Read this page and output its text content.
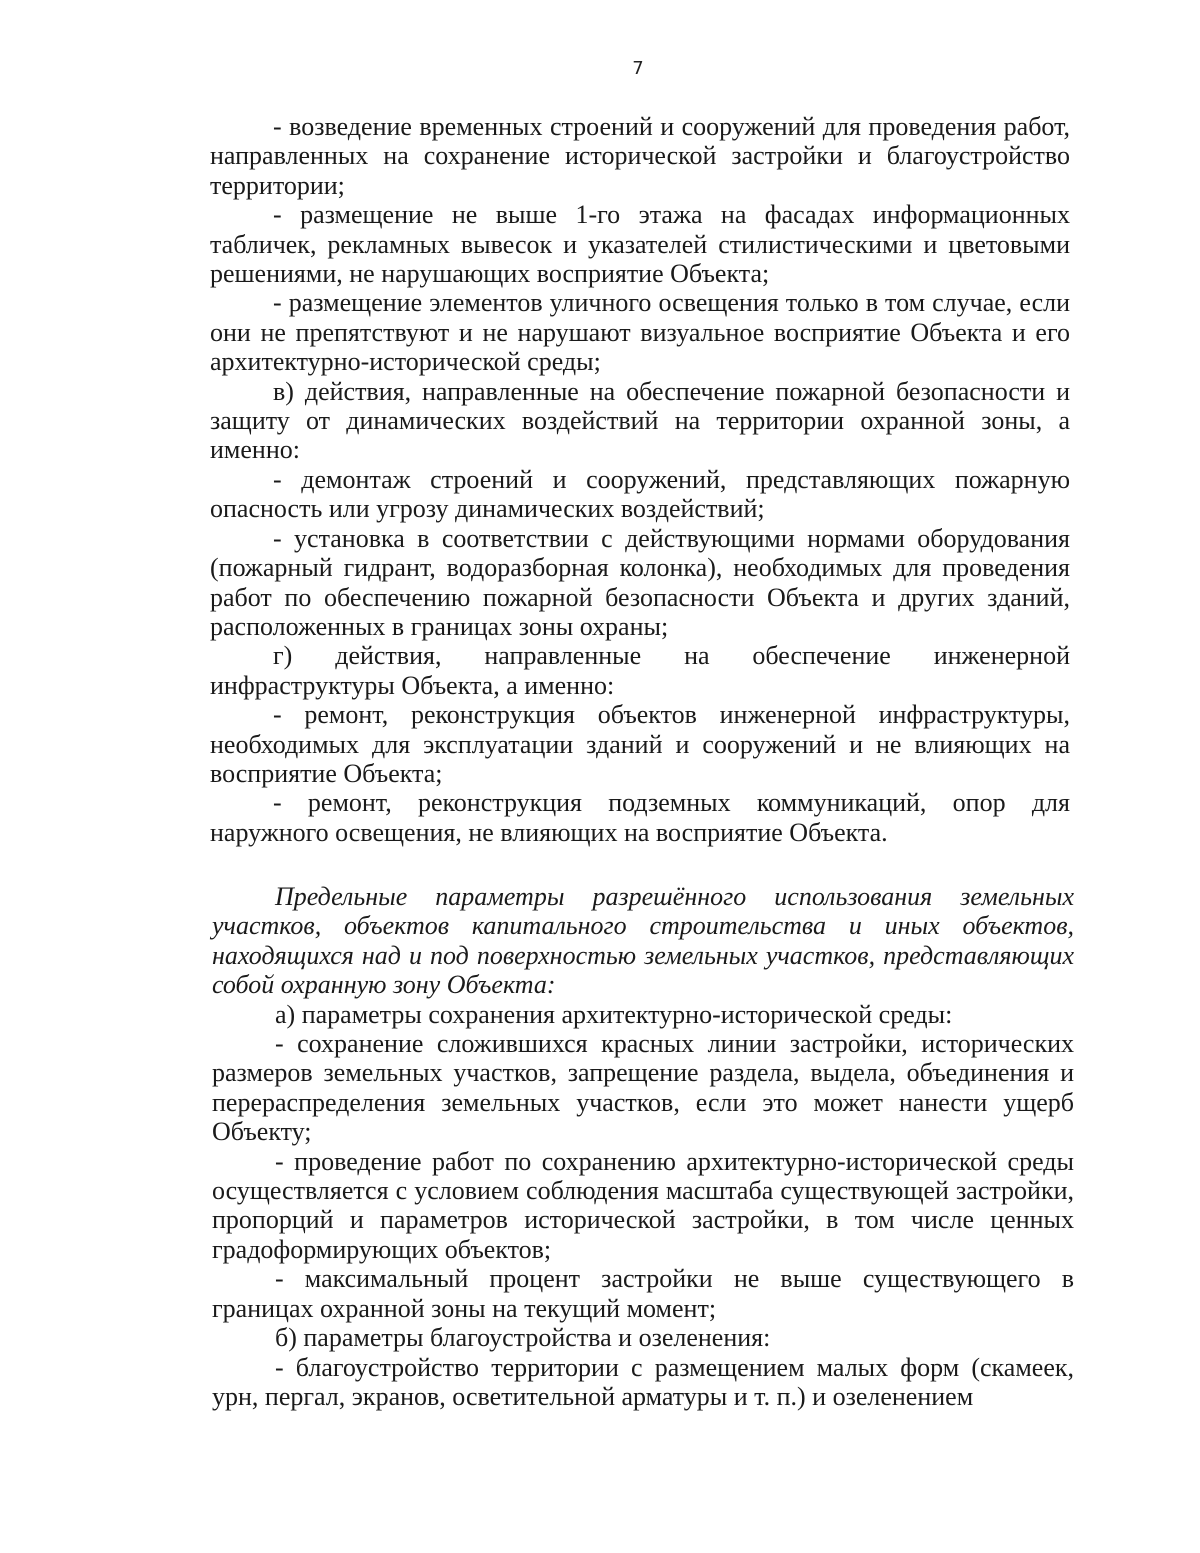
7

- возведение временных строений и сооружений для проведения работ, направленных на сохранение исторической застройки и благоустройство территории;

- размещение не выше 1-го этажа на фасадах информационных табличек, рекламных вывесок и указателей стилистическими и цветовыми решениями, не нарушающих восприятие Объекта;

- размещение элементов уличного освещения только в том случае, если они не препятствуют и не нарушают визуальное восприятие Объекта и его архитектурно-исторической среды;

в) действия, направленные на обеспечение пожарной безопасности и защиту от динамических воздействий на территории охранной зоны, а именно:

- демонтаж строений и сооружений, представляющих пожарную опасность или угрозу динамических воздействий;

- установка в соответствии с действующими нормами оборудования (пожарный гидрант, водоразборная колонка), необходимых для проведения работ по обеспечению пожарной безопасности Объекта и других зданий, расположенных в границах зоны охраны;

г) действия, направленные на обеспечение инженерной инфраструктуры Объекта, а именно:

- ремонт, реконструкция объектов инженерной инфраструктуры, необходимых для эксплуатации зданий и сооружений и не влияющих на восприятие Объекта;

- ремонт, реконструкция подземных коммуникаций, опор для наружного освещения, не влияющих на восприятие Объекта.

Предельные параметры разрешённого использования земельных участков, объектов капитального строительства и иных объектов, находящихся над и под поверхностью земельных участков, представляющих собой охранную зону Объекта:

а) параметры сохранения архитектурно-исторической среды:

- сохранение сложившихся красных линии застройки, исторических размеров земельных участков, запрещение раздела, выдела, объединения и перераспределения земельных участков, если это может нанести ущерб Объекту;

- проведение работ по сохранению архитектурно-исторической среды осуществляется с условием соблюдения масштаба существующей застройки, пропорций и параметров исторической застройки, в том числе ценных градоформирующих объектов;

- максимальный процент застройки не выше существующего в границах охранной зоны на текущий момент;

б) параметры благоустройства и озеленения:

- благоустройство территории с размещением малых форм (скамеек, урн, пергал, экранов, осветительной арматуры и т. п.) и озеленением
